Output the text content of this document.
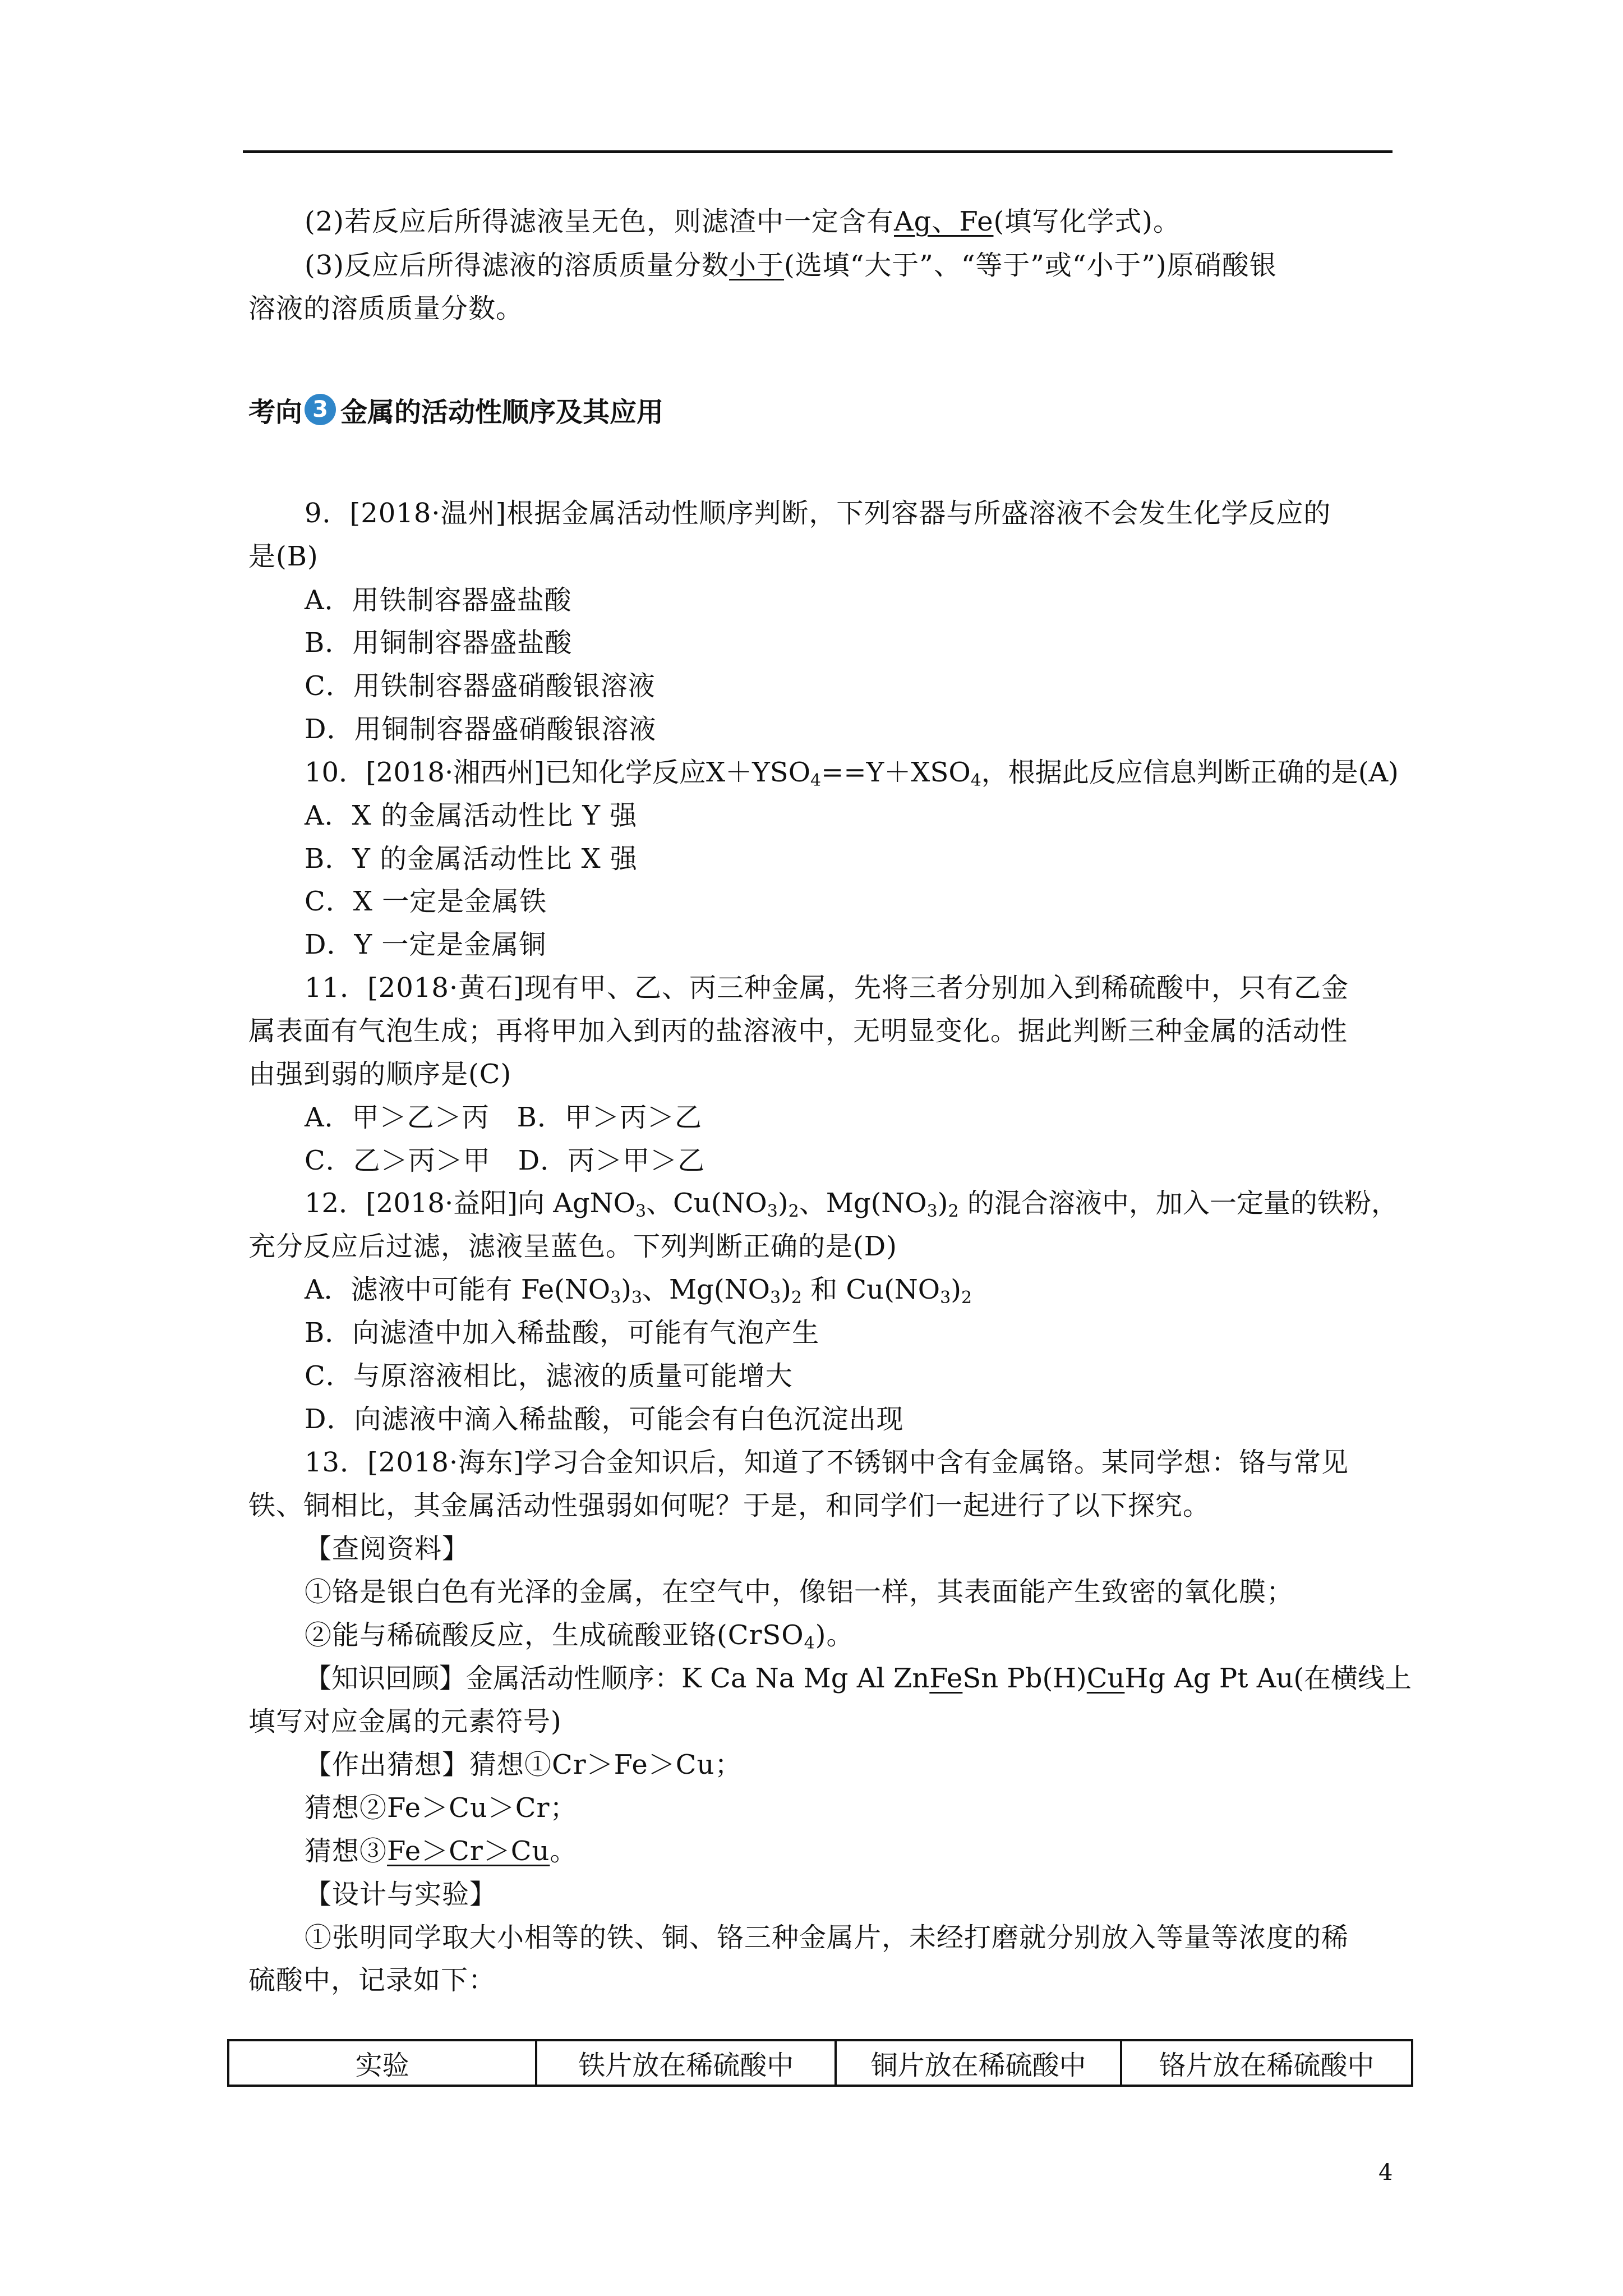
(2)若反应后所得滤液呈无色，则滤渣中一定含有Ag、Fe(填写化学式)。
(3)反应后所得滤液的溶质质量分数小于(选填“大于”、“等于”或“小于”)原硝酸银
溶液的溶质质量分数。
考向 3 金属的活动性顺序及其应用
9．[2018·温州]根据金属活动性顺序判断，下列容器与所盛溶液不会发生化学反应的
是(B)
A．用铁制容器盛盐酸
B．用铜制容器盛盐酸
C．用铁制容器盛硝酸银溶液
D．用铜制容器盛硝酸银溶液
10．[2018·湘西州]已知化学反应$X+YSO_4==Y+XSO_4$，根据此反应信息判断正确的是(A)
A．X 的金属活动性比 Y 强
B．Y 的金属活动性比 X 强
C．X 一定是金属铁
D．Y 一定是金属铜
11．[2018·黄石]现有甲、乙、丙三种金属，先将三者分别加入到稀硫酸中，只有乙金
属表面有气泡生成；再将甲加入到丙的盐溶液中，无明显变化。据此判断三种金属的活动性
由强到弱的顺序是(C)
A．甲＞乙＞丙　B．甲＞丙＞乙
C．乙＞丙＞甲　D．丙＞甲＞乙
12．[2018·益阳]向 AgNO$_3$、$Cu(NO_3)_2$、$Mg(NO_3)_2$ 的混合溶液中，加入一定量的铁粉，
充分反应后过滤，滤液呈蓝色。下列判断正确的是(D)
A．滤液中可能有 $Fe(NO_3)_3$、$Mg(NO_3)_2$ 和 $Cu(NO_3)_2$
B．向滤渣中加入稀盐酸，可能有气泡产生
C．与原溶液相比，滤液的质量可能增大
D．向滤液中滴入稀盐酸，可能会有白色沉淀出现
13．[2018·海东]学习合金知识后，知道了不锈钢中含有金属铬。某同学想：铬与常见
铁、铜相比，其金属活动性强弱如何呢？于是，和同学们一起进行了以下探究。
【查阅资料】
①铬是银白色有光泽的金属，在空气中，像铝一样，其表面能产生致密的氧化膜；
②能与稀硫酸反应，生成硫酸亚铬(CrSO$_4$)。
【知识回顾】金属活动性顺序：K Ca Na Mg Al ZnFeSn Pb(H)CuHg Ag Pt Au(在横线上
填写对应金属的元素符号)
【作出猜想】猜想①Cr＞Fe＞Cu；
猜想②Fe＞Cu＞Cr；
猜想③Fe＞Cr＞Cu。
【设计与实验】
①张明同学取大小相等的铁、铜、铬三种金属片，未经打磨就分别放入等量等浓度的稀
硫酸中，记录如下：
实验	铁片放在稀硫酸中	铜片放在稀硫酸中	铬片放在稀硫酸中
4
